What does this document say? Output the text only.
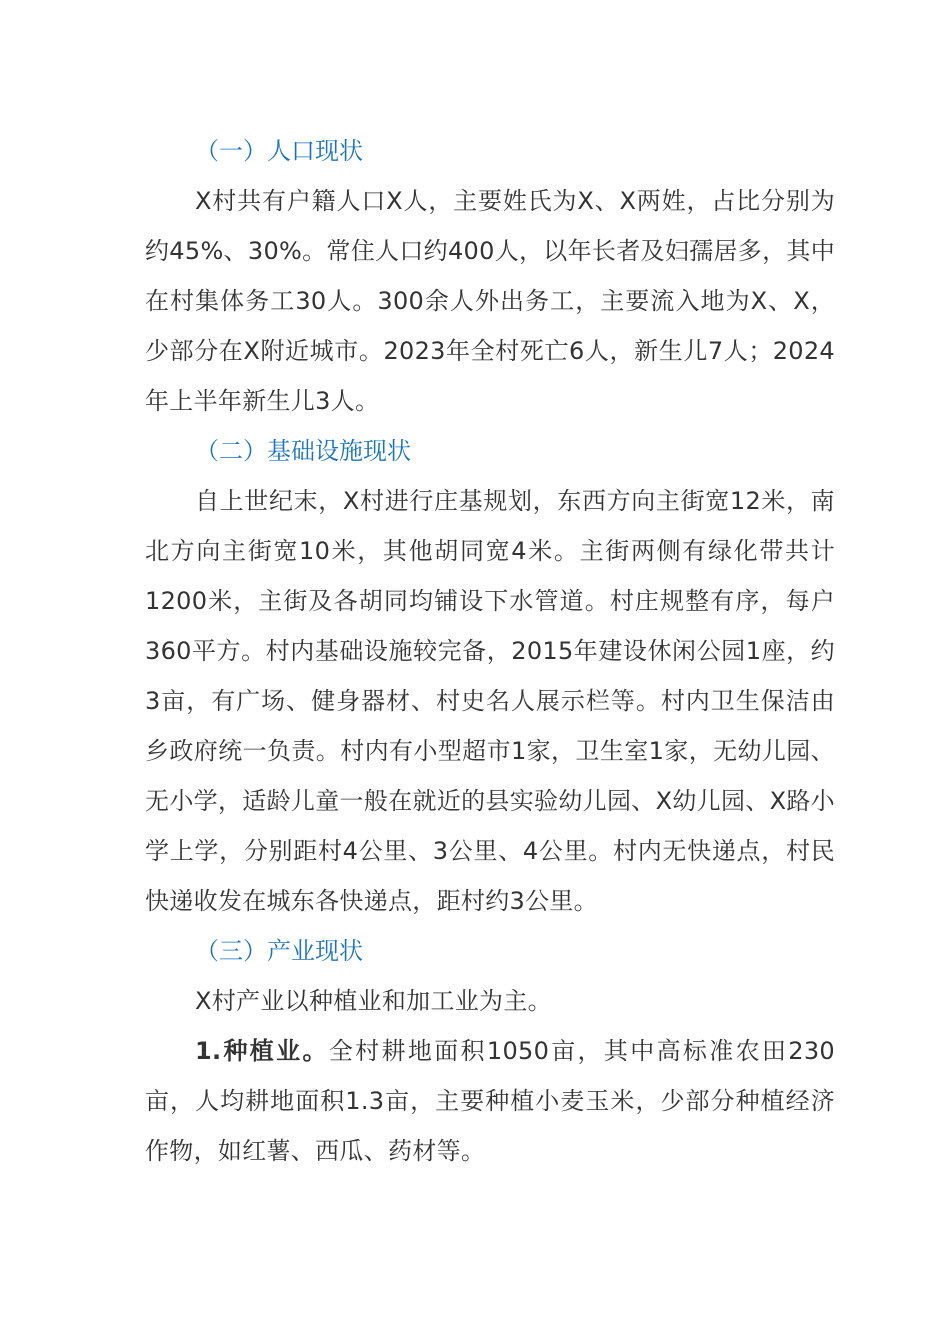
（一）人口现状

X村共有户籍人口X人，主要姓氏为X、X两姓，占比分别为约45%、30%。常住人口约400人，以年长者及妇孺居多，其中在村集体务工30人。300余人外出务工，主要流入地为X、X，少部分在X附近城市。2023年全村死亡6人，新生儿7人；2024年上半年新生儿3人。

（二）基础设施现状

自上世纪末，X村进行庄基规划，东西方向主街宽12米，南北方向主街宽10米，其他胡同宽4米。主街两侧有绿化带共计1200米，主街及各胡同均铺设下水管道。村庄规整有序，每户360平方。村内基础设施较完备，2015年建设休闲公园1座，约3亩，有广场、健身器材、村史名人展示栏等。村内卫生保洁由乡政府统一负责。村内有小型超市1家，卫生室1家，无幼儿园、无小学，适龄儿童一般在就近的县实验幼儿园、X幼儿园、X路小学上学，分别距村4公里、3公里、4公里。村内无快递点，村民快递收发在城东各快递点，距村约3公里。

（三）产业现状

X村产业以种植业和加工业为主。

1.种植业。全村耕地面积1050亩，其中高标准农田230亩，人均耕地面积1.3亩，主要种植小麦玉米，少部分种植经济作物，如红薯、西瓜、药材等。
